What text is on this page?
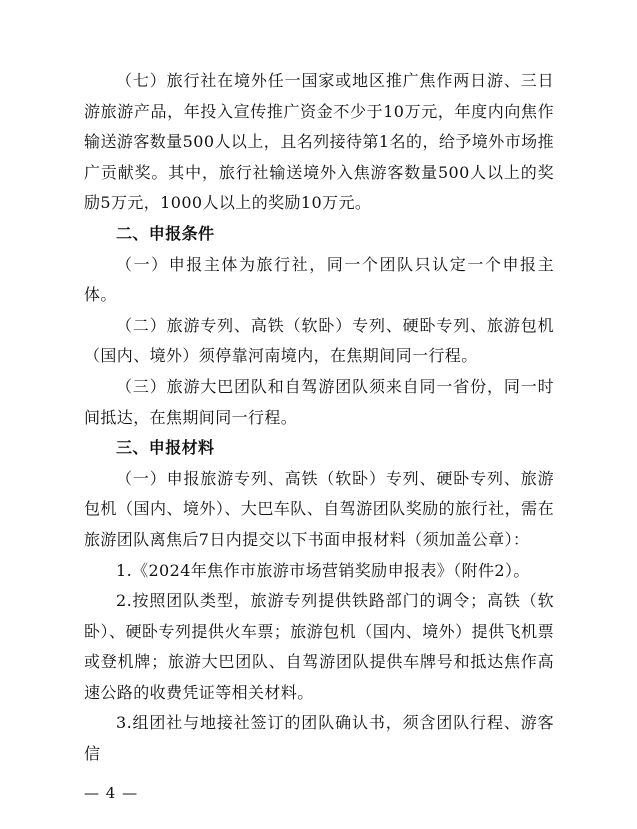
（七）旅行社在境外任一国家或地区推广焦作两日游、三日游旅游产品，年投入宣传推广资金不少于10万元，年度内向焦作输送游客数量500人以上，且名列接待第1名的，给予境外市场推广贡献奖。其中，旅行社输送境外入焦游客数量500人以上的奖励5万元，1000人以上的奖励10万元。

二、申报条件

（一）申报主体为旅行社，同一个团队只认定一个申报主体。

（二）旅游专列、高铁（软卧）专列、硬卧专列、旅游包机（国内、境外）须停靠河南境内，在焦期间同一行程。

（三）旅游大巴团队和自驾游团队须来自同一省份，同一时间抵达，在焦期间同一行程。

三、申报材料

（一）申报旅游专列、高铁（软卧）专列、硬卧专列、旅游包机（国内、境外）、大巴车队、自驾游团队奖励的旅行社，需在旅游团队离焦后7日内提交以下书面申报材料（须加盖公章）：

1.《2024年焦作市旅游市场营销奖励申报表》（附件2）。

2.按照团队类型，旅游专列提供铁路部门的调令；高铁（软卧）、硬卧专列提供火车票；旅游包机（国内、境外）提供飞机票或登机牌；旅游大巴团队、自驾游团队提供车牌号和抵达焦作高速公路的收费凭证等相关材料。

3.组团社与地接社签订的团队确认书，须含团队行程、游客信

— 4 —
